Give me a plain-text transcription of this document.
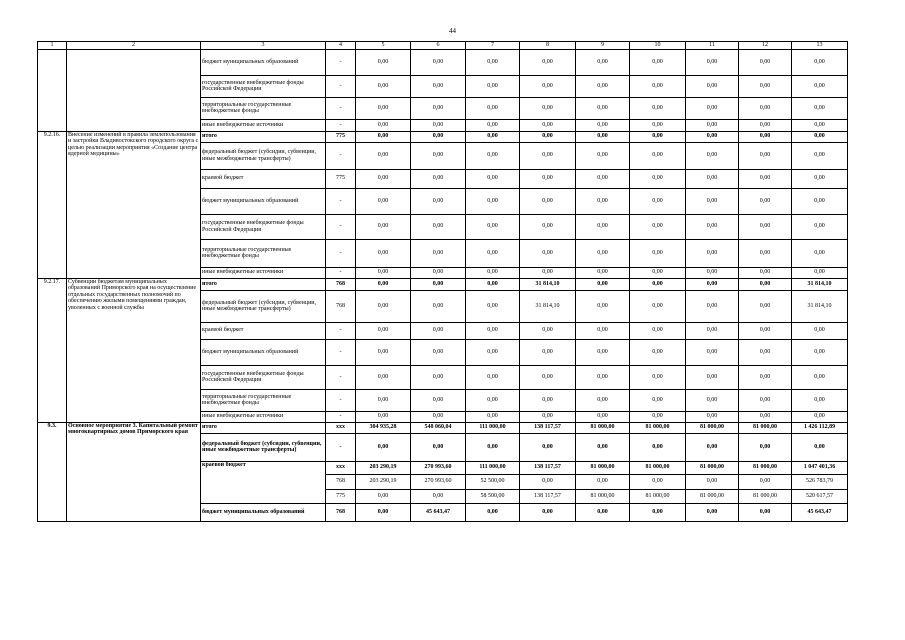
44
1	2	3	4	5	6	7	8	9	10	11	12	13
		бюджет муниципальных образований	-	0,00	0,00	0,00	0,00	0,00	0,00	0,00	0,00	0,00
		государственные внебюджетные фонды Российской Федерации	-	0,00	0,00	0,00	0,00	0,00	0,00	0,00	0,00	0,00
		территориальные государственные внебюджетные фонды	-	0,00	0,00	0,00	0,00	0,00	0,00	0,00	0,00	0,00
		иные внебюджетные источники	-	0,00	0,00	0,00	0,00	0,00	0,00	0,00	0,00	0,00
9.2.16.	Внесение изменений в правила землепользования и застройки Владивостокского городского округа с целью реализации мероприятия «Создание центра ядерной медицины»	итого	775	0,00	0,00	0,00	0,00	0,00	0,00	0,00	0,00	0,00
		федеральный бюджет (субсидии, субвенции, иные межбюджетные трансферты)	-	0,00	0,00	0,00	0,00	0,00	0,00	0,00	0,00	0,00
		краевой бюджет	775	0,00	0,00	0,00	0,00	0,00	0,00	0,00	0,00	0,00
		бюджет муниципальных образований	-	0,00	0,00	0,00	0,00	0,00	0,00	0,00	0,00	0,00
		государственные внебюджетные фонды Российской Федерации	-	0,00	0,00	0,00	0,00	0,00	0,00	0,00	0,00	0,00
		территориальные государственные внебюджетные фонды	-	0,00	0,00	0,00	0,00	0,00	0,00	0,00	0,00	0,00
		иные внебюджетные источники	-	0,00	0,00	0,00	0,00	0,00	0,00	0,00	0,00	0,00
9.2.17.	Субвенции бюджетам муниципальных образований Приморского края на осуществление отдельных государственных полномочий по обеспечению жилыми помещениями граждан, уволенных с военной службы	итого	768	0,00	0,00	0,00	31 814,10	0,00	0,00	0,00	0,00	31 814,10
		федеральный бюджет (субсидии, субвенции, иные межбюджетные трансферты)	768	0,00	0,00	0,00	31 814,10	0,00	0,00	0,00	0,00	31 814,10
		краевой бюджет	-	0,00	0,00	0,00	0,00	0,00	0,00	0,00	0,00	0,00
		бюджет муниципальных образований	-	0,00	0,00	0,00	0,00	0,00	0,00	0,00	0,00	0,00
		государственные внебюджетные фонды Российской Федерации	-	0,00	0,00	0,00	0,00	0,00	0,00	0,00	0,00	0,00
		территориальные государственные внебюджетные фонды	-	0,00	0,00	0,00	0,00	0,00	0,00	0,00	0,00	0,00
		иные внебюджетные источники	-	0,00	0,00	0,00	0,00	0,00	0,00	0,00	0,00	0,00
9.3.	Основное мероприятие 3. Капитальный ремонт многоквартирных домов Приморского края	итого	ххх	304 935,28	548 060,04	111 000,00	138 117,57	81 000,00	81 000,00	81 000,00	81 000,00	1 426 112,89
		федеральный бюджет (субсидии, субвенции, иные межбюджетные трансферты)	-	0,00	0,00	0,00	0,00	0,00	0,00	0,00	0,00	0,00
		краевой бюджет	ххх	203 290,19	270 993,60	111 000,00	138 117,57	81 000,00	81 000,00	81 000,00	81 000,00	1 047 401,36
			768	203 290,19	270 993,60	52 500,00	0,00	0,00	0,00	0,00	0,00	526 783,79
			775	0,00	0,00	58 500,00	138 117,57	81 000,00	81 000,00	81 000,00	81 000,00	520 617,57
		бюджет муниципальных образований	768	0,00	45 643,47	0,00	0,00	0,00	0,00	0,00	0,00	45 643,47
